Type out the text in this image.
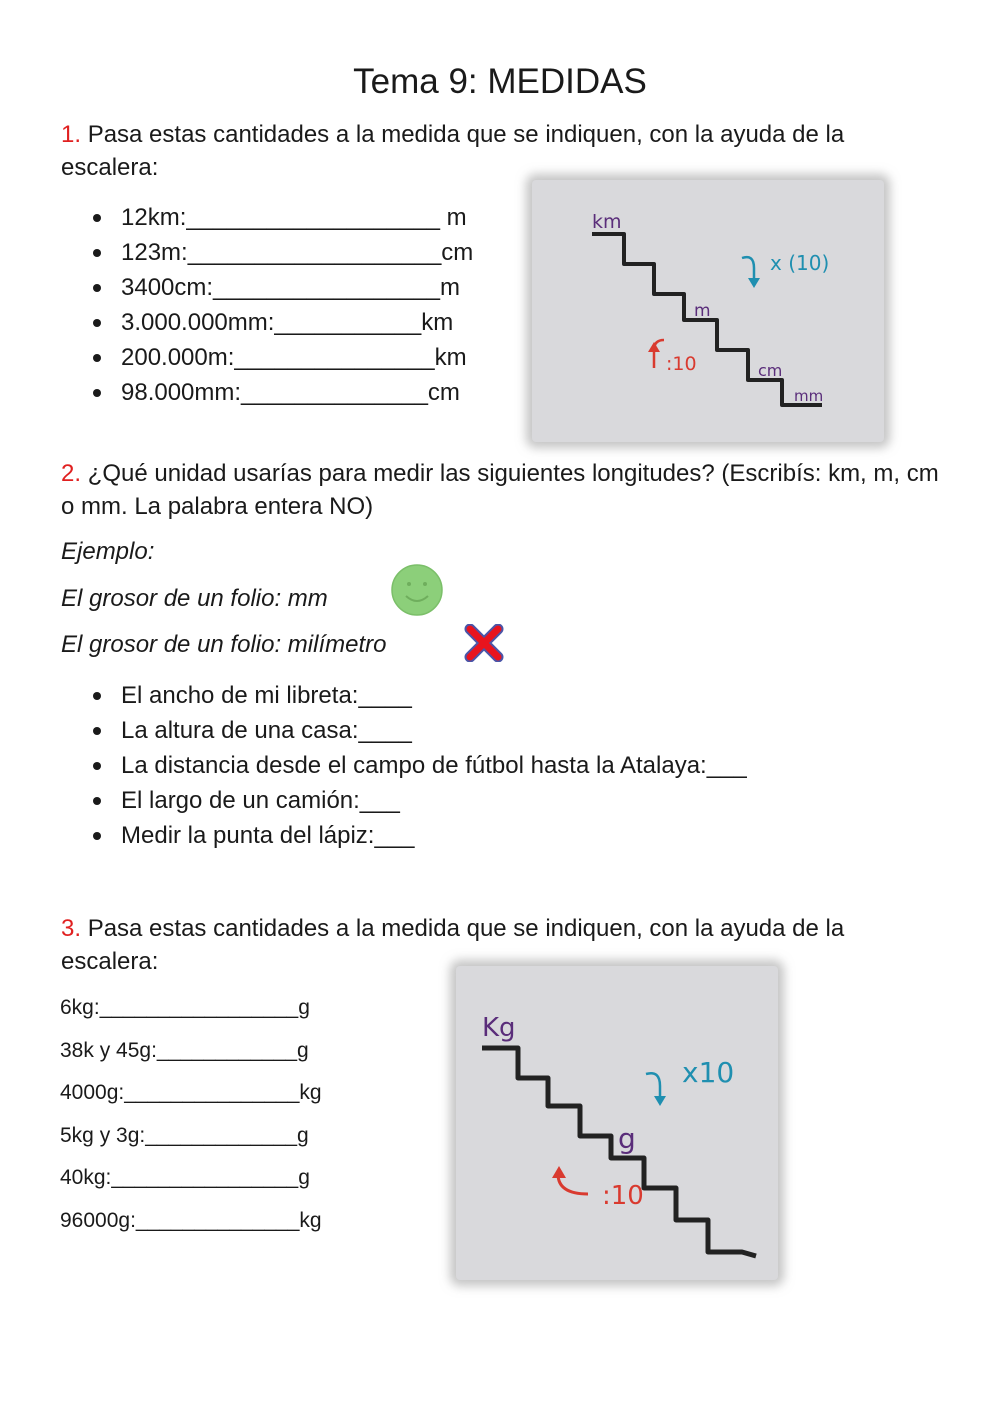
Tema 9: MEDIDAS
1. Pasa estas cantidades a la medida que se indiquen, con la ayuda de la escalera:
12km:___________________ m
123m:___________________cm
3400cm:_________________m
3.000.000mm:___________km
200.000m:_______________km
98.000mm:______________cm
km
m
cm
mm
x (10)
:10
2. ¿Qué unidad usarías para medir las siguientes longitudes? (Escribís: km, m, cm o mm. La palabra entera NO)
Ejemplo:
El grosor de un folio: mm
El grosor de un folio: milímetro
El ancho de mi libreta:____
La altura de una casa:____
La distancia desde el campo de fútbol hasta la Atalaya:___
El largo de un camión:___
Medir la punta del lápiz:___
3. Pasa estas cantidades a la medida que se indiquen, con la ayuda de la escalera:
6kg:_________________g
38k y 45g:____________g
4000g:_______________kg
5kg y 3g:_____________g
40kg:________________g
96000g:______________kg
Kg
g
x10
:10
